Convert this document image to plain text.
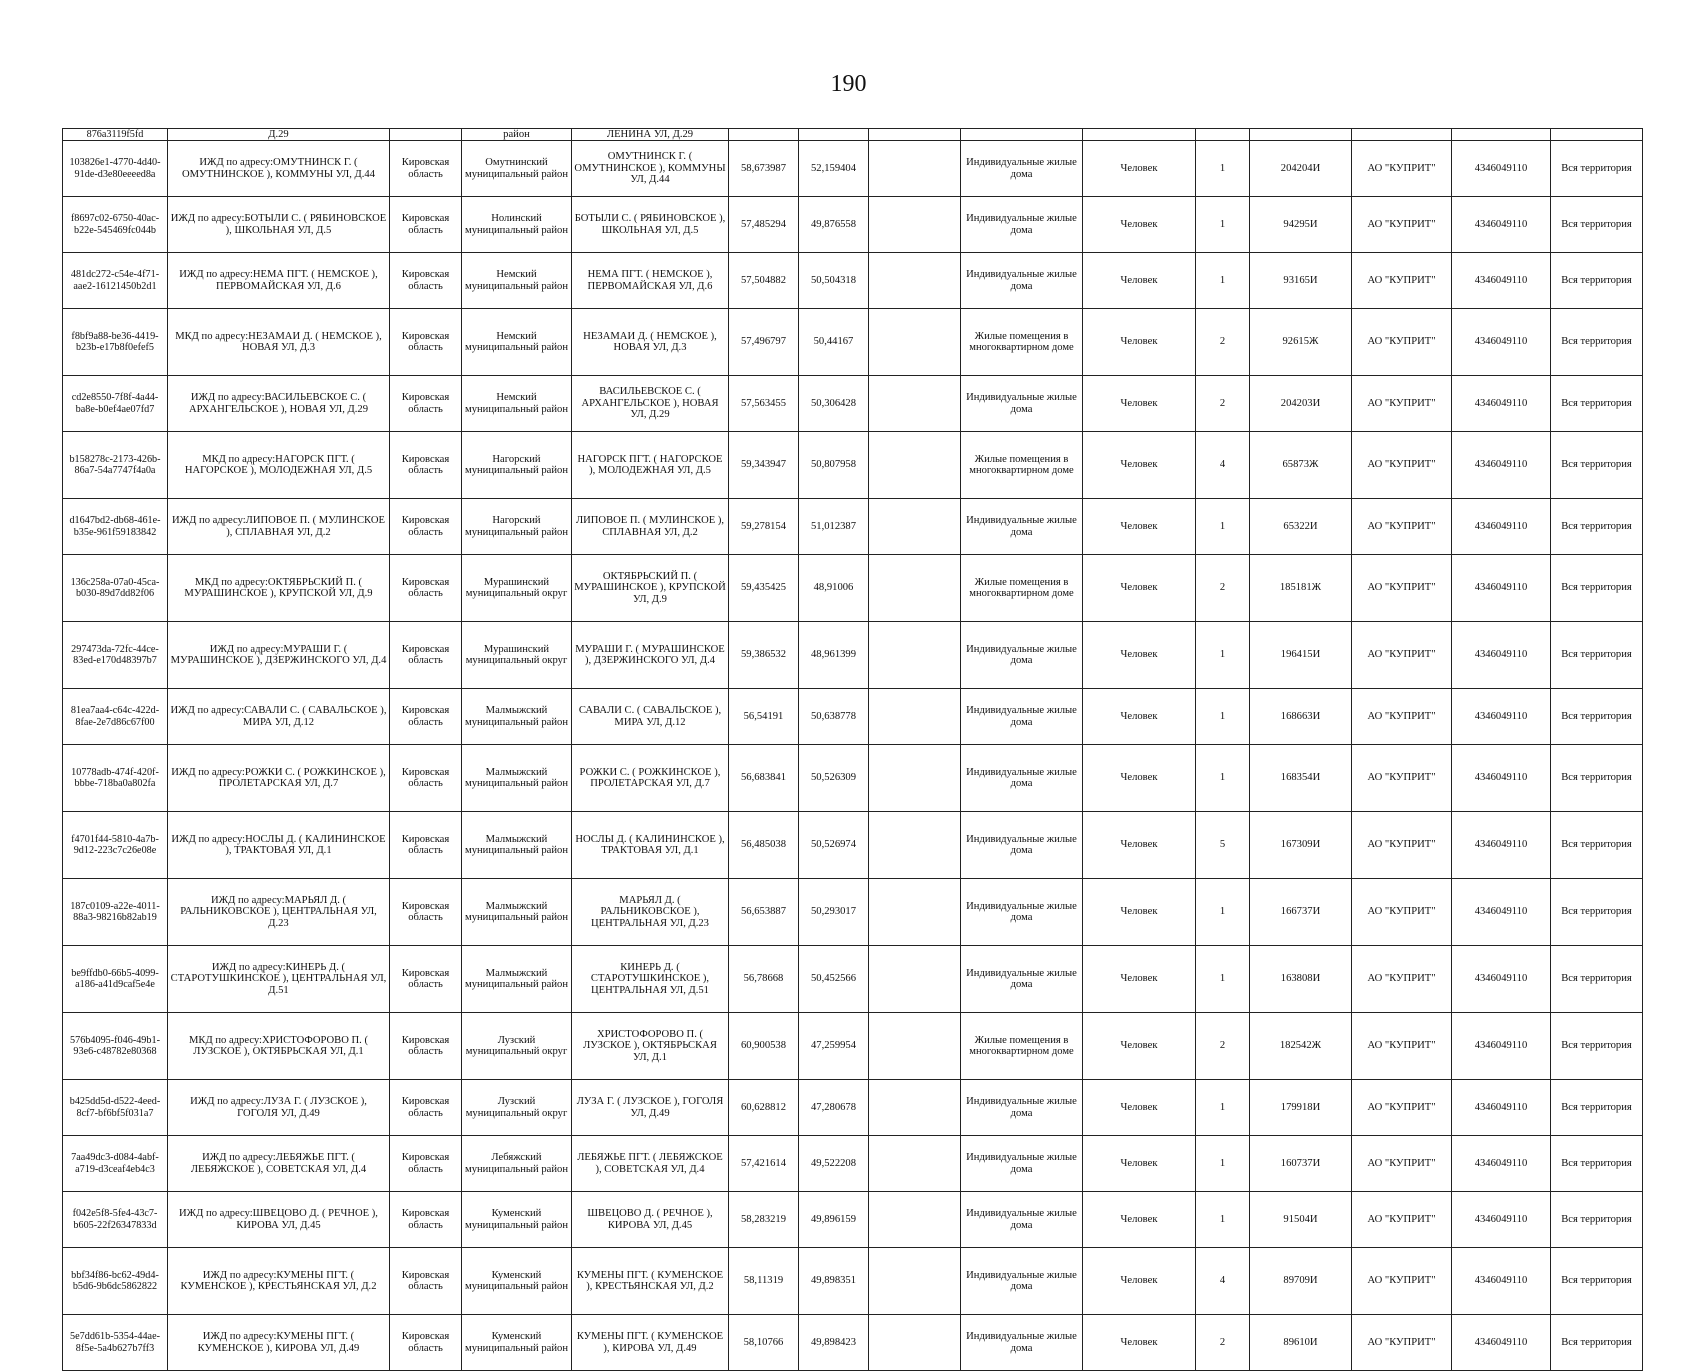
190
876a3119f5fd	Д.29		район	ЛЕНИНА УЛ, Д.29										
103826e1-4770-4d40-91de-d3e80eeeed8a	ИЖД по адресу:ОМУТНИНСК Г. ( ОМУТНИНСКОЕ ), КОММУНЫ УЛ, Д.44	Кировская область	Омутнинский муниципальный район	ОМУТНИНСК Г. ( ОМУТНИНСКОЕ ), КОММУНЫ УЛ, Д.44	58,673987	52,159404		Индивидуальные жилые дома	Человек	1	204204И	АО "КУПРИТ"	4346049110	Вся территория
f8697c02-6750-40ac-b22e-545469fc044b	ИЖД по адресу:БОТЫЛИ С. ( РЯБИНОВСКОЕ ), ШКОЛЬНАЯ УЛ, Д.5	Кировская область	Нолинский муниципальный район	БОТЫЛИ С. ( РЯБИНОВСКОЕ ), ШКОЛЬНАЯ УЛ, Д.5	57,485294	49,876558		Индивидуальные жилые дома	Человек	1	94295И	АО "КУПРИТ"	4346049110	Вся территория
481dc272-c54e-4f71-aae2-16121450b2d1	ИЖД по адресу:НЕМА ПГТ. ( НЕМСКОЕ ), ПЕРВОМАЙСКАЯ УЛ, Д.6	Кировская область	Немский муниципальный район	НЕМА ПГТ. ( НЕМСКОЕ ), ПЕРВОМАЙСКАЯ УЛ, Д.6	57,504882	50,504318		Индивидуальные жилые дома	Человек	1	93165И	АО "КУПРИТ"	4346049110	Вся территория
f8bf9a88-be36-4419-b23b-e17b8f0efef5	МКД по адресу:НЕЗАМАИ Д. ( НЕМСКОЕ ), НОВАЯ УЛ, Д.3	Кировская область	Немский муниципальный район	НЕЗАМАИ Д. ( НЕМСКОЕ ), НОВАЯ УЛ, Д.3	57,496797	50,44167		Жилые помещения в многоквартирном доме	Человек	2	92615Ж	АО "КУПРИТ"	4346049110	Вся территория
cd2e8550-7f8f-4a44-ba8e-b0ef4ae07fd7	ИЖД по адресу:ВАСИЛЬЕВСКОЕ С. ( АРХАНГЕЛЬСКОЕ ), НОВАЯ УЛ, Д.29	Кировская область	Немский муниципальный район	ВАСИЛЬЕВСКОЕ С. ( АРХАНГЕЛЬСКОЕ ), НОВАЯ УЛ, Д.29	57,563455	50,306428		Индивидуальные жилые дома	Человек	2	204203И	АО "КУПРИТ"	4346049110	Вся территория
b158278c-2173-426b-86a7-54a7747f4a0a	МКД по адресу:НАГОРСК ПГТ. ( НАГОРСКОЕ ), МОЛОДЕЖНАЯ УЛ, Д.5	Кировская область	Нагорский муниципальный район	НАГОРСК ПГТ. ( НАГОРСКОЕ ), МОЛОДЕЖНАЯ УЛ, Д.5	59,343947	50,807958		Жилые помещения в многоквартирном доме	Человек	4	65873Ж	АО "КУПРИТ"	4346049110	Вся территория
d1647bd2-db68-461e-b35e-961f59183842	ИЖД по адресу:ЛИПОВОЕ П. ( МУЛИНСКОЕ ), СПЛАВНАЯ УЛ, Д.2	Кировская область	Нагорский муниципальный район	ЛИПОВОЕ П. ( МУЛИНСКОЕ ), СПЛАВНАЯ УЛ, Д.2	59,278154	51,012387		Индивидуальные жилые дома	Человек	1	65322И	АО "КУПРИТ"	4346049110	Вся территория
136c258a-07a0-45ca-b030-89d7dd82f06	МКД по адресу:ОКТЯБРЬСКИЙ П. ( МУРАШИНСКОЕ ), КРУПСКОЙ УЛ, Д.9	Кировская область	Мурашинский муниципальный округ	ОКТЯБРЬСКИЙ П. ( МУРАШИНСКОЕ ), КРУПСКОЙ УЛ, Д.9	59,435425	48,91006		Жилые помещения в многоквартирном доме	Человек	2	185181Ж	АО "КУПРИТ"	4346049110	Вся территория
297473da-72fc-44ce-83ed-e170d48397b7	ИЖД по адресу:МУРАШИ Г. ( МУРАШИНСКОЕ ), ДЗЕРЖИНСКОГО УЛ, Д.4	Кировская область	Мурашинский муниципальный округ	МУРАШИ Г. ( МУРАШИНСКОЕ ), ДЗЕРЖИНСКОГО УЛ, Д.4	59,386532	48,961399		Индивидуальные жилые дома	Человек	1	196415И	АО "КУПРИТ"	4346049110	Вся территория
81ea7aa4-c64c-422d-8fae-2e7d86c67f00	ИЖД по адресу:САВАЛИ С. ( САВАЛЬСКОЕ ), МИРА УЛ, Д.12	Кировская область	Малмыжский муниципальный район	САВАЛИ С. ( САВАЛЬСКОЕ ), МИРА УЛ, Д.12	56,54191	50,638778		Индивидуальные жилые дома	Человек	1	168663И	АО "КУПРИТ"	4346049110	Вся территория
10778adb-474f-420f-bbbe-718ba0a802fa	ИЖД по адресу:РОЖКИ С. ( РОЖКИНСКОЕ ), ПРОЛЕТАРСКАЯ УЛ, Д.7	Кировская область	Малмыжский муниципальный район	РОЖКИ С. ( РОЖКИНСКОЕ ), ПРОЛЕТАРСКАЯ УЛ, Д.7	56,683841	50,526309		Индивидуальные жилые дома	Человек	1	168354И	АО "КУПРИТ"	4346049110	Вся территория
f4701f44-5810-4a7b-9d12-223c7c26e08e	ИЖД по адресу:НОСЛЫ Д. ( КАЛИНИНСКОЕ ), ТРАКТОВАЯ УЛ, Д.1	Кировская область	Малмыжский муниципальный район	НОСЛЫ Д. ( КАЛИНИНСКОЕ ), ТРАКТОВАЯ УЛ, Д.1	56,485038	50,526974		Индивидуальные жилые дома	Человек	5	167309И	АО "КУПРИТ"	4346049110	Вся территория
187c0109-a22e-4011-88a3-98216b82ab19	ИЖД по адресу:МАРЬЯЛ Д. ( РАЛЬНИКОВСКОЕ ), ЦЕНТРАЛЬНАЯ УЛ, Д.23	Кировская область	Малмыжский муниципальный район	МАРЬЯЛ Д. ( РАЛЬНИКОВСКОЕ ), ЦЕНТРАЛЬНАЯ УЛ, Д.23	56,653887	50,293017		Индивидуальные жилые дома	Человек	1	166737И	АО "КУПРИТ"	4346049110	Вся территория
be9ffdb0-66b5-4099-a186-a41d9caf5e4e	ИЖД по адресу:КИНЕРЬ Д. ( СТАРОТУШКИНСКОЕ ), ЦЕНТРАЛЬНАЯ УЛ, Д.51	Кировская область	Малмыжский муниципальный район	КИНЕРЬ Д. ( СТАРОТУШКИНСКОЕ ), ЦЕНТРАЛЬНАЯ УЛ, Д.51	56,78668	50,452566		Индивидуальные жилые дома	Человек	1	163808И	АО "КУПРИТ"	4346049110	Вся территория
576b4095-f046-49b1-93e6-c48782e80368	МКД по адресу:ХРИСТОФОРОВО П. ( ЛУЗСКОЕ ), ОКТЯБРЬСКАЯ УЛ, Д.1	Кировская область	Лузский муниципальный округ	ХРИСТОФОРОВО П. ( ЛУЗСКОЕ ), ОКТЯБРЬСКАЯ УЛ, Д.1	60,900538	47,259954		Жилые помещения в многоквартирном доме	Человек	2	182542Ж	АО "КУПРИТ"	4346049110	Вся территория
b425dd5d-d522-4eed-8cf7-bf6bf5f031a7	ИЖД по адресу:ЛУЗА Г. ( ЛУЗСКОЕ ), ГОГОЛЯ УЛ, Д.49	Кировская область	Лузский муниципальный округ	ЛУЗА Г. ( ЛУЗСКОЕ ), ГОГОЛЯ УЛ, Д.49	60,628812	47,280678		Индивидуальные жилые дома	Человек	1	179918И	АО "КУПРИТ"	4346049110	Вся территория
7aa49dc3-d084-4abf-a719-d3ceaf4eb4c3	ИЖД по адресу:ЛЕБЯЖЬЕ ПГТ. ( ЛЕБЯЖСКОЕ ), СОВЕТСКАЯ УЛ, Д.4	Кировская область	Лебяжский муниципальный район	ЛЕБЯЖЬЕ ПГТ. ( ЛЕБЯЖСКОЕ ), СОВЕТСКАЯ УЛ, Д.4	57,421614	49,522208		Индивидуальные жилые дома	Человек	1	160737И	АО "КУПРИТ"	4346049110	Вся территория
f042e5f8-5fe4-43c7-b605-22f26347833d	ИЖД по адресу:ШВЕЦОВО Д. ( РЕЧНОЕ ), КИРОВА УЛ, Д.45	Кировская область	Куменский муниципальный район	ШВЕЦОВО Д. ( РЕЧНОЕ ), КИРОВА УЛ, Д.45	58,283219	49,896159		Индивидуальные жилые дома	Человек	1	91504И	АО "КУПРИТ"	4346049110	Вся территория
bbf34f86-bc62-49d4-b5d6-9b6dc5862822	ИЖД по адресу:КУМЕНЫ ПГТ. ( КУМЕНСКОЕ ), КРЕСТЬЯНСКАЯ УЛ, Д.2	Кировская область	Куменский муниципальный район	КУМЕНЫ ПГТ. ( КУМЕНСКОЕ ), КРЕСТЬЯНСКАЯ УЛ, Д.2	58,11319	49,898351		Индивидуальные жилые дома	Человек	4	89709И	АО "КУПРИТ"	4346049110	Вся территория
5e7dd61b-5354-44ae-8f5e-5a4b627b7ff3	ИЖД по адресу:КУМЕНЫ ПГТ. ( КУМЕНСКОЕ ), КИРОВА УЛ, Д.49	Кировская область	Куменский муниципальный район	КУМЕНЫ ПГТ. ( КУМЕНСКОЕ ), КИРОВА УЛ, Д.49	58,10766	49,898423		Индивидуальные жилые дома	Человек	2	89610И	АО "КУПРИТ"	4346049110	Вся территория
